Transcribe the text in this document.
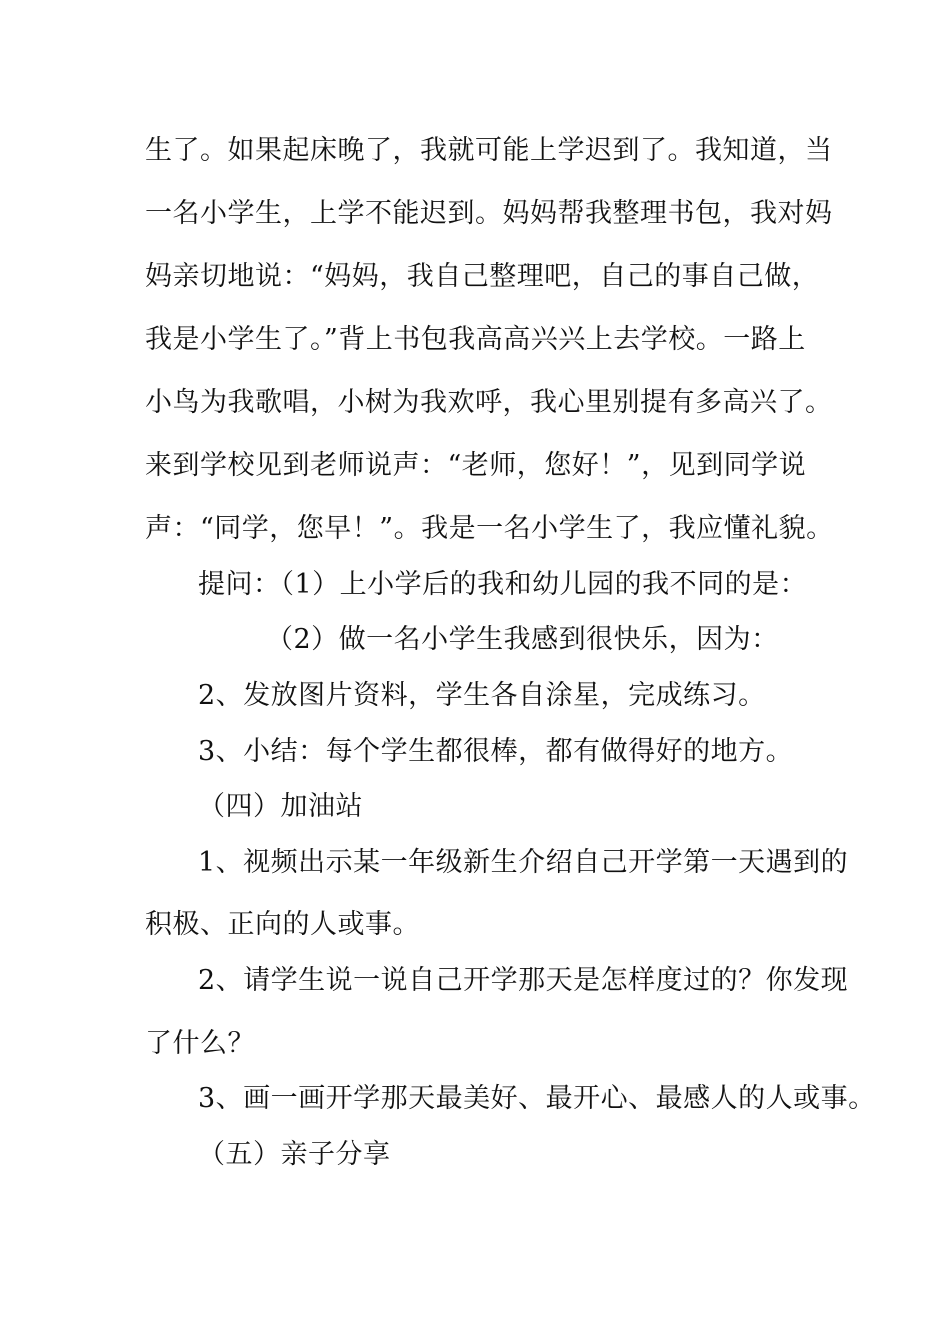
生了。如果起床晚了，我就可能上学迟到了。我知道，当
一名小学生，上学不能迟到。妈妈帮我整理书包，我对妈
妈亲切地说：“妈妈，我自己整理吧，自己的事自己做，
我是小学生了。”背上书包我高高兴兴上去学校。一路上
小鸟为我歌唱，小树为我欢呼，我心里别提有多高兴了。
来到学校见到老师说声：“老师，您好！”，见到同学说
声：“同学，您早！”。我是一名小学生了，我应懂礼貌。
提问：（1）上小学后的我和幼儿园的我不同的是：
（2）做一名小学生我感到很快乐，因为：
2、发放图片资料，学生各自涂星，完成练习。
3、小结：每个学生都很棒，都有做得好的地方。
（四）加油站
1、视频出示某一年级新生介绍自己开学第一天遇到的
积极、正向的人或事。
2、请学生说一说自己开学那天是怎样度过的？你发现
了什么？
3、画一画开学那天最美好、最开心、最感人的人或事。
（五）亲子分享
